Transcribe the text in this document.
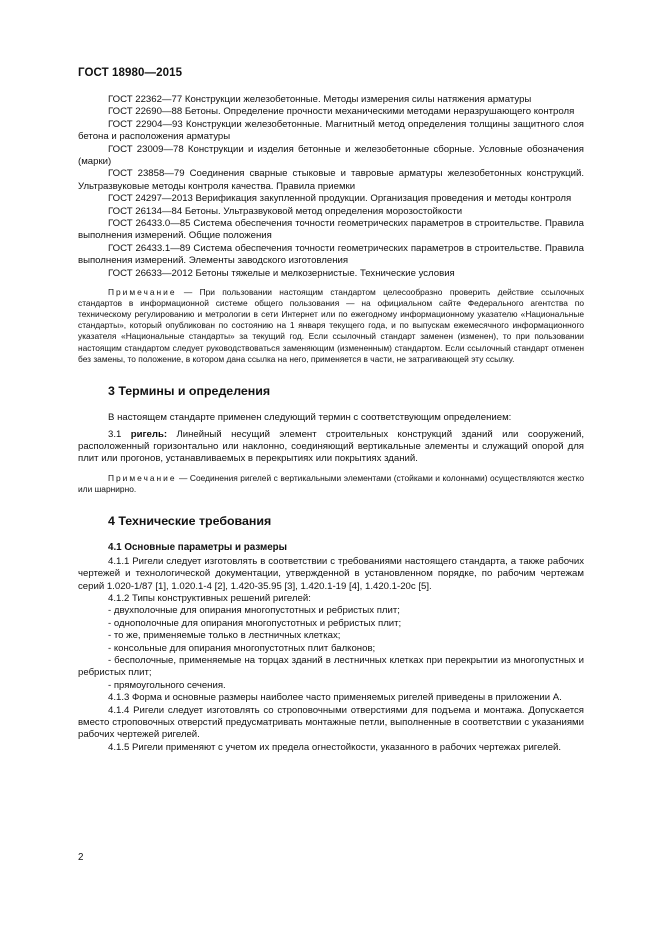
ГОСТ 18980—2015

ГОСТ 22362—77 Конструкции железобетонные. Методы измерения силы натяжения арматуры

ГОСТ 22690—88 Бетоны. Определение прочности механическими методами неразрушающего контроля

ГОСТ 22904—93 Конструкции железобетонные. Магнитный метод определения толщины защитного слоя бетона и расположения арматуры

ГОСТ 23009—78 Конструкции и изделия бетонные и железобетонные сборные. Условные обозначения (марки)

ГОСТ 23858—79 Соединения сварные стыковые и тавровые арматуры железобетонных конструкций. Ультразвуковые методы контроля качества. Правила приемки

ГОСТ 24297—2013 Верификация закупленной продукции. Организация проведения и методы контроля

ГОСТ 26134—84 Бетоны. Ультразвуковой метод определения морозостойкости

ГОСТ 26433.0—85 Система обеспечения точности геометрических параметров в строительстве. Правила выполнения измерений. Общие положения

ГОСТ 26433.1—89 Система обеспечения точности геометрических параметров в строительстве. Правила выполнения измерений. Элементы заводского изготовления

ГОСТ 26633—2012 Бетоны тяжелые и мелкозернистые. Технические условия

Примечание — При пользовании настоящим стандартом целесообразно проверить действие ссылочных стандартов в информационной системе общего пользования — на официальном сайте Федерального агентства по техническому регулированию и метрологии в сети Интернет или по ежегодному информационному указателю «Национальные стандарты», который опубликован по состоянию на 1 января текущего года, и по выпускам ежемесячного информационного указателя «Национальные стандарты» за текущий год. Если ссылочный стандарт заменен (изменен), то при пользовании настоящим стандартом следует руководствоваться заменяющим (измененным) стандартом. Если ссылочный стандарт отменен без замены, то положение, в котором дана ссылка на него, применяется в части, не затрагивающей эту ссылку.

3 Термины и определения

В настоящем стандарте применен следующий термин с соответствующим определением:

3.1 ригель: Линейный несущий элемент строительных конструкций зданий или сооружений, расположенный горизонтально или наклонно, соединяющий вертикальные элементы и служащий опорой для плит или прогонов, устанавливаемых в перекрытиях или покрытиях зданий.

Примечание — Соединения ригелей с вертикальными элементами (стойками и колоннами) осуществляются жестко или шарнирно.

4 Технические требования
4.1 Основные параметры и размеры

4.1.1 Ригели следует изготовлять в соответствии с требованиями настоящего стандарта, а также рабочих чертежей и технологической документации, утвержденной в установленном порядке, по рабочим чертежам серий 1.020-1/87 [1], 1.020.1-4 [2], 1.420-35.95 [3], 1.420.1-19 [4], 1.420.1-20с [5].

4.1.2 Типы конструктивных решений ригелей:

- двухполочные для опирания многопустотных и ребристых плит;

- однополочные для опирания многопустотных и ребристых плит;

- то же, применяемые только в лестничных клетках;

- консольные для опирания многопустотных плит балконов;

- бесполочные, применяемые на торцах зданий в лестничных клетках при перекрытии из многопустных и ребристых плит;

- прямоугольного сечения.

4.1.3 Форма и основные размеры наиболее часто применяемых ригелей приведены в приложении А.

4.1.4 Ригели следует изготовлять со строповочными отверстиями для подъема и монтажа. Допускается вместо строповочных отверстий предусматривать монтажные петли, выполненные в соответствии с указаниями рабочих чертежей ригелей.

4.1.5 Ригели применяют с учетом их предела огнестойкости, указанного в рабочих чертежах ригелей.

2
